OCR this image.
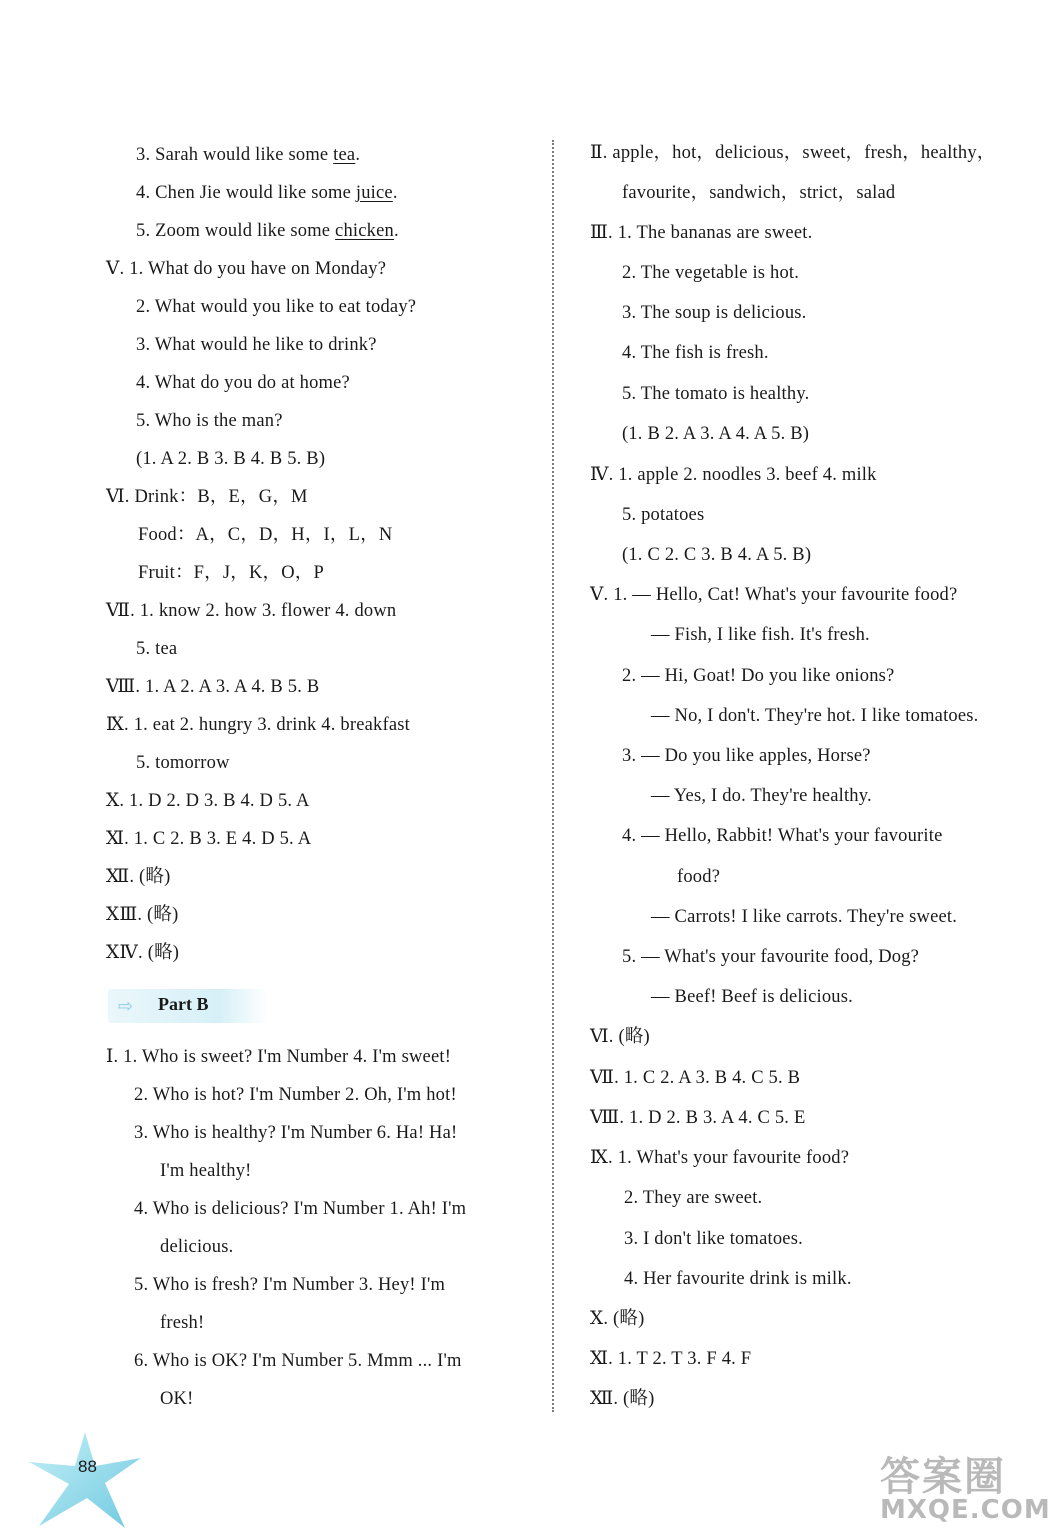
3. Sarah would like some tea.
4. Chen Jie would like some juice.
5. Zoom would like some chicken.
Ⅴ. 1. What do you have on Monday?
2. What would you like to eat today?
3. What would he like to drink?
4. What do you do at home?
5. Who is the man?
(1. A 2. B 3. B 4. B 5. B)
Ⅵ. Drink：B，E，G，M
Food：A，C，D，H，I，L，N
Fruit：F，J，K，O，P
Ⅶ. 1. know 2. how 3. flower 4. down
5. tea
Ⅷ. 1. A 2. A 3. A 4. B 5. B
Ⅸ. 1. eat 2. hungry 3. drink 4. breakfast
5. tomorrow
Ⅹ. 1. D 2. D 3. B 4. D 5. A
Ⅺ. 1. C 2. B 3. E 4. D 5. A
Ⅻ. (略)
ⅩⅢ. (略)
ⅩⅣ. (略)
⇨ Part B
Ⅰ. 1. Who is sweet? I'm Number 4. I'm sweet!
2. Who is hot? I'm Number 2. Oh, I'm hot!
3. Who is healthy? I'm Number 6. Ha! Ha!
I'm healthy!
4. Who is delicious? I'm Number 1. Ah! I'm
delicious.
5. Who is fresh? I'm Number 3. Hey! I'm
fresh!
6. Who is OK? I'm Number 5. Mmm ... I'm
OK!
Ⅱ. apple，hot，delicious，sweet，fresh，healthy，
favourite，sandwich，strict，salad
Ⅲ. 1. The bananas are sweet.
2. The vegetable is hot.
3. The soup is delicious.
4. The fish is fresh.
5. The tomato is healthy.
(1. B 2. A 3. A 4. A 5. B)
Ⅳ. 1. apple 2. noodles 3. beef 4. milk
5. potatoes
(1. C 2. C 3. B 4. A 5. B)
Ⅴ. 1. — Hello, Cat! What's your favourite food?
— Fish, I like fish. It's fresh.
2. — Hi, Goat! Do you like onions?
— No, I don't. They're hot. I like tomatoes.
3. — Do you like apples, Horse?
— Yes, I do. They're healthy.
4. — Hello, Rabbit! What's your favourite
food?
— Carrots! I like carrots. They're sweet.
5. — What's your favourite food, Dog?
— Beef! Beef is delicious.
Ⅵ. (略)
Ⅶ. 1. C 2. A 3. B 4. C 5. B
Ⅷ. 1. D 2. B 3. A 4. C 5. E
Ⅸ. 1. What's your favourite food?
2. They are sweet.
3. I don't like tomatoes.
4. Her favourite drink is milk.
Ⅹ. (略)
Ⅺ. 1. T 2. T 3. F 4. F
Ⅻ. (略)
88	答案圈
MXQE.COM
